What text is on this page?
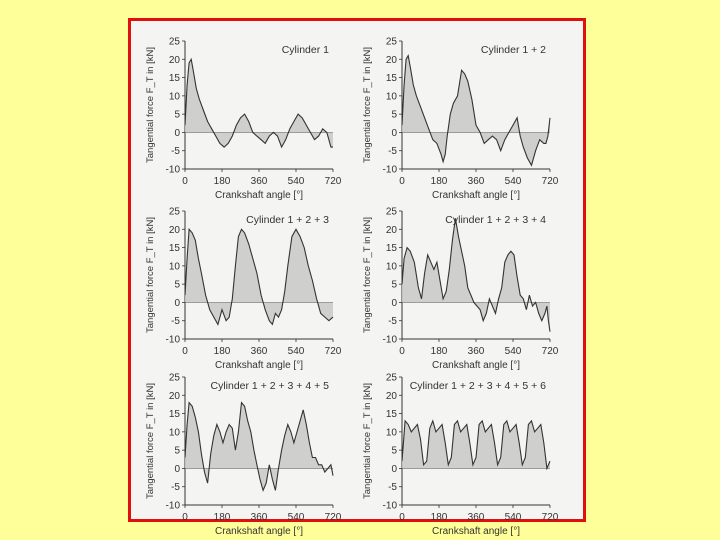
-10
-5
0
5
10
15
20
25
0	180 360 540 720
Cylinder 1
Crankshaft angle [°]
Tangential force F_T in [kN]
-10
-5
0
5
10
15
20
25
0	180 360 540 720
Cylinder 1 + 2
Crankshaft angle [°]
Tangential force F_T in [kN]
-10
-5
0
5
10
15
20
25
0	180 360 540 720
Cylinder 1 + 2 + 3
Crankshaft angle [°]
Tangential force F_T in [kN]
-10
-5
0
5
10
15
20
25
0	180 360 540 720
Cylinder 1 + 2 + 3 + 4
Crankshaft angle [°]
Tangential force F_T in [kN]
-10
-5
0
5
10
15
20
25
0	180 360 540 720
Cylinder 1 + 2 + 3 + 4 + 5
Crankshaft angle [°]
Tangential force F_T in [kN]
-10
-5
0
5
10
15
20
25
0	180 360 540 720
Cylinder 1 + 2 + 3 + 4 + 5 + 6
Crankshaft angle [°]
Tangential force F_T in [kN]
